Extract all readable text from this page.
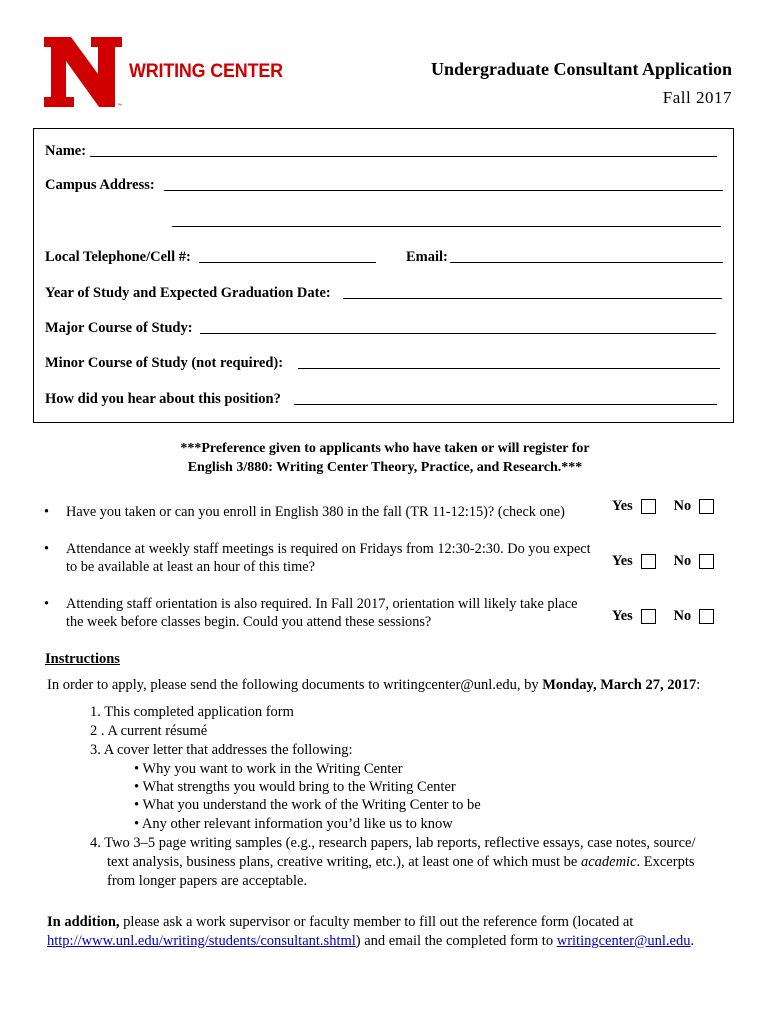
™
WRITING CENTER	Undergraduate Consultant Application
Fall 2017
Name:
Campus Address:
Local Telephone/Cell #:	Email:
Year of Study and Expected Graduation Date:
Major Course of Study:
Minor Course of Study (not required):
How did you hear about this position?
***Preference given to applicants who have taken or will register for
English 3/880: Writing Center Theory, Practice, and Research.***
• Have you taken or can you enroll in English 380 in the fall (TR 11-12:15)? (check one)	Yes	No
• Attendance at weekly staff meetings is required on Fridays from 12:30-2:30. Do you expect to be available at least an hour of this time?	Yes	No
• Attending staff orientation is also required. In Fall 2017, orientation will likely take place the week before classes begin. Could you attend these sessions?	Yes	No
Instructions
In order to apply, please send the following documents to writingcenter@unl.edu, by Monday, March 27, 2017:
1. This completed application form
2 . A current résumé
3. A cover letter that addresses the following:
• Why you want to work in the Writing Center
• What strengths you would bring to the Writing Center
• What you understand the work of the Writing Center to be
• Any other relevant information you’d like us to know
4. Two 3–5 page writing samples (e.g., research papers, lab reports, reflective essays, case notes, source/
text analysis, business plans, creative writing, etc.), at least one of which must be academic. Excerpts
from longer papers are acceptable.
In addition, please ask a work supervisor or faculty member to fill out the reference form (located at
http://www.unl.edu/writing/students/consultant.shtml) and email the completed form to writingcenter@unl.edu.
